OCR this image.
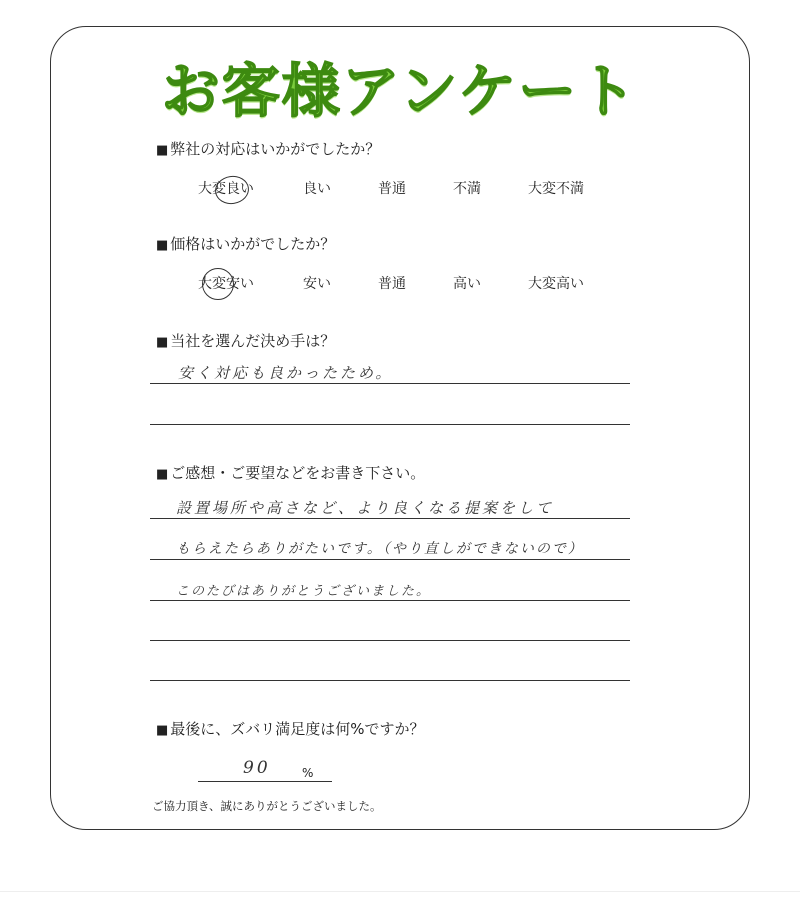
お客様アンケート
■ 弊社の対応はいかがでしたか？
大変良い	良い	普通	不満	大変不満
■ 価格はいかがでしたか？
大変安い	安い	普通	高い	大変高い
■ 当社を選んだ決め手は？
安く対応も良かったため。
■ ご感想・ご要望などをお書き下さい。
設置場所や高さなど、より良くなる提案をして
もらえたらありがたいです。（やり直しができないので）
このたびはありがとうございました。
■ 最後に、ズバリ満足度は何%ですか？
90	%
ご協力頂き、誠にありがとうございました。
